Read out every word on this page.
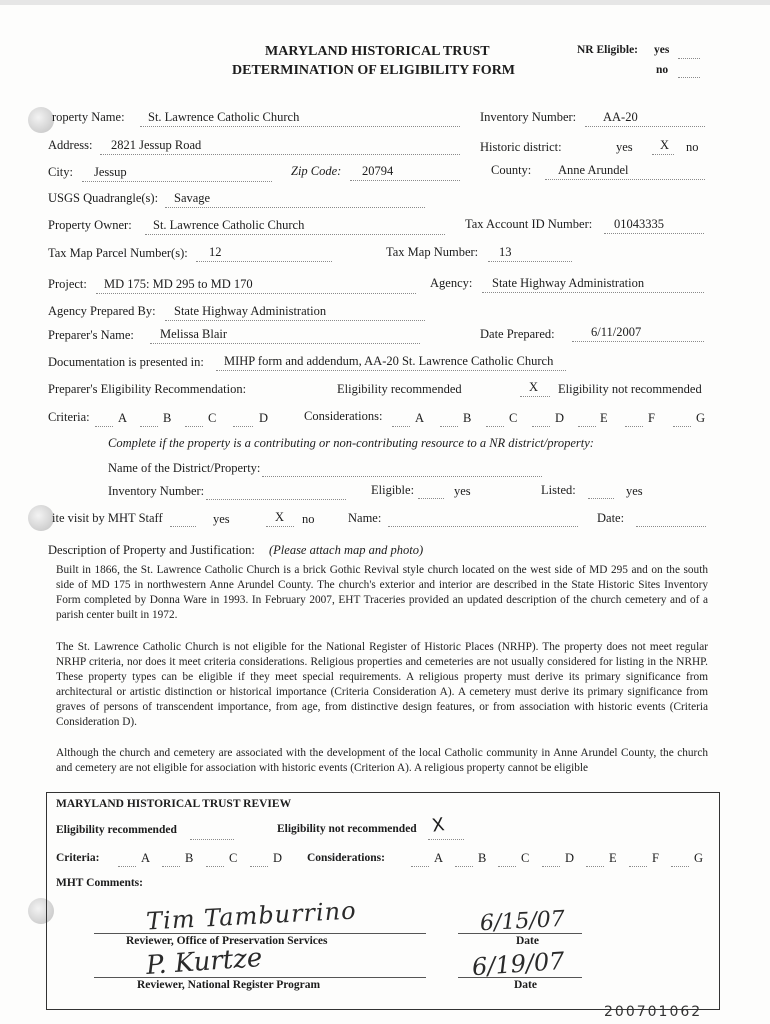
MARYLAND HISTORICAL TRUST
DETERMINATION OF ELIGIBILITY FORM
NR Eligible: yes
no
roperty Name: St. Lawrence Catholic Church	Inventory Number: AA-20
Address: 2821 Jessup Road	Historic district:	yes X no
City: Jessup	Zip Code: 20794	County: Anne Arundel
USGS Quadrangle(s): Savage
Property Owner: St. Lawrence Catholic Church	Tax Account ID Number: 01043335
Tax Map Parcel Number(s): 12	Tax Map Number: 13
Project: MD 175: MD 295 to MD 170	Agency: State Highway Administration
Agency Prepared By: State Highway Administration
Preparer's Name: Melissa Blair	Date Prepared:	6/11/2007
Documentation is presented in: MIHP form and addendum, AA-20 St. Lawrence Catholic Church
Preparer's Eligibility Recommendation:	Eligibility recommended	X Eligibility not recommended
Criteria: A	B	C	D	Considerations:	A	B	C	D	E	F	G
Complete if the property is a contributing or non-contributing resource to a NR district/property:
Name of the District/Property:
Inventory Number:	Eligible:	yes	Listed:	yes
ite visit by MHT Staff	yes	X no	Name:	Date:
Description of Property and Justification: (Please attach map and photo)
Built in 1866, the St. Lawrence Catholic Church is a brick Gothic Revival style church located on the west side of MD 295 and on the south side of MD 175 in northwestern Anne Arundel County. The church's exterior and interior are described in the State Historic Sites Inventory Form completed by Donna Ware in 1993. In February 2007, EHT Traceries provided an updated description of the church cemetery and of a parish center built in 1972.
The St. Lawrence Catholic Church is not eligible for the National Register of Historic Places (NRHP). The property does not meet regular NRHP criteria, nor does it meet criteria considerations. Religious properties and cemeteries are not usually considered for listing in the NRHP. These property types can be eligible if they meet special requirements. A religious property must derive its primary significance from architectural or artistic distinction or historical importance (Criteria Consideration A). A cemetery must derive its primary significance from graves of persons of transcendent importance, from age, from distinctive design features, or from association with historic events (Criteria Consideration D).
Although the church and cemetery are associated with the development of the local Catholic community in Anne Arundel County, the church and cemetery are not eligible for association with historic events (Criterion A). A religious property cannot be eligible
MARYLAND HISTORICAL TRUST REVIEW
Eligibility recommended	Eligibility not recommended X
Criteria:	A	B	C	D Considerations:	A	B	C	D	E	F	G
MHT Comments:
Tim Tamburrino
Reviewer, Office of Preservation Services
6/15/07
Date
P. Kurtze
Reviewer, National Register Program
6/19/07
Date
200701062
